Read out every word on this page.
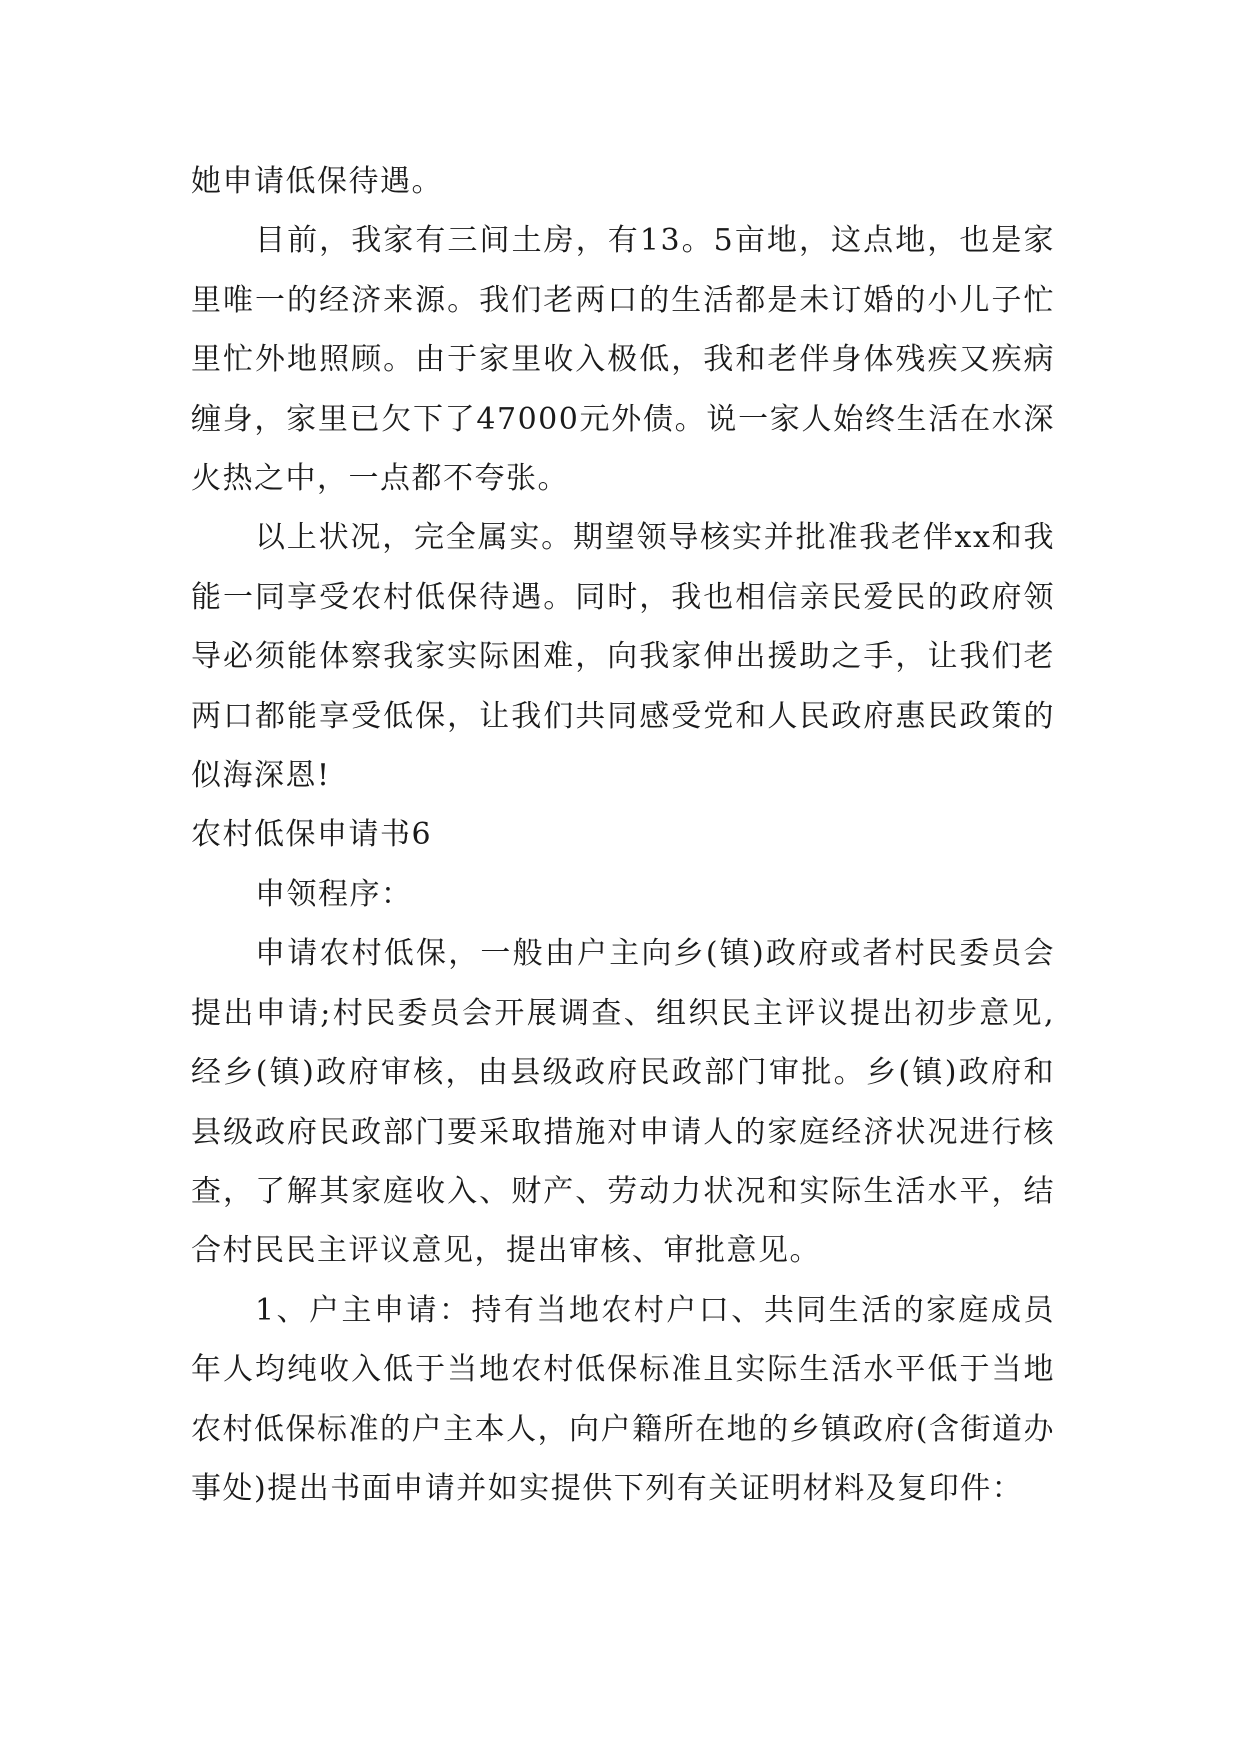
她申请低保待遇。

目前，我家有三间土房，有13。5亩地，这点地，也是家里唯一的经济来源。我们老两口的生活都是未订婚的小儿子忙里忙外地照顾。由于家里收入极低，我和老伴身体残疾又疾病缠身，家里已欠下了47000元外债。说一家人始终生活在水深火热之中，一点都不夸张。

以上状况，完全属实。期望领导核实并批准我老伴xx和我能一同享受农村低保待遇。同时，我也相信亲民爱民的政府领导必须能体察我家实际困难，向我家伸出援助之手，让我们老两口都能享受低保，让我们共同感受党和人民政府惠民政策的似海深恩!

农村低保申请书6

申领程序：

申请农村低保，一般由户主向乡(镇)政府或者村民委员会提出申请;村民委员会开展调查、组织民主评议提出初步意见,经乡(镇)政府审核，由县级政府民政部门审批。乡(镇)政府和县级政府民政部门要采取措施对申请人的家庭经济状况进行核查，了解其家庭收入、财产、劳动力状况和实际生活水平，结合村民民主评议意见，提出审核、审批意见。

1、户主申请：持有当地农村户口、共同生活的家庭成员年人均纯收入低于当地农村低保标准且实际生活水平低于当地农村低保标准的户主本人，向户籍所在地的乡镇政府(含街道办事处)提出书面申请并如实提供下列有关证明材料及复印件：
